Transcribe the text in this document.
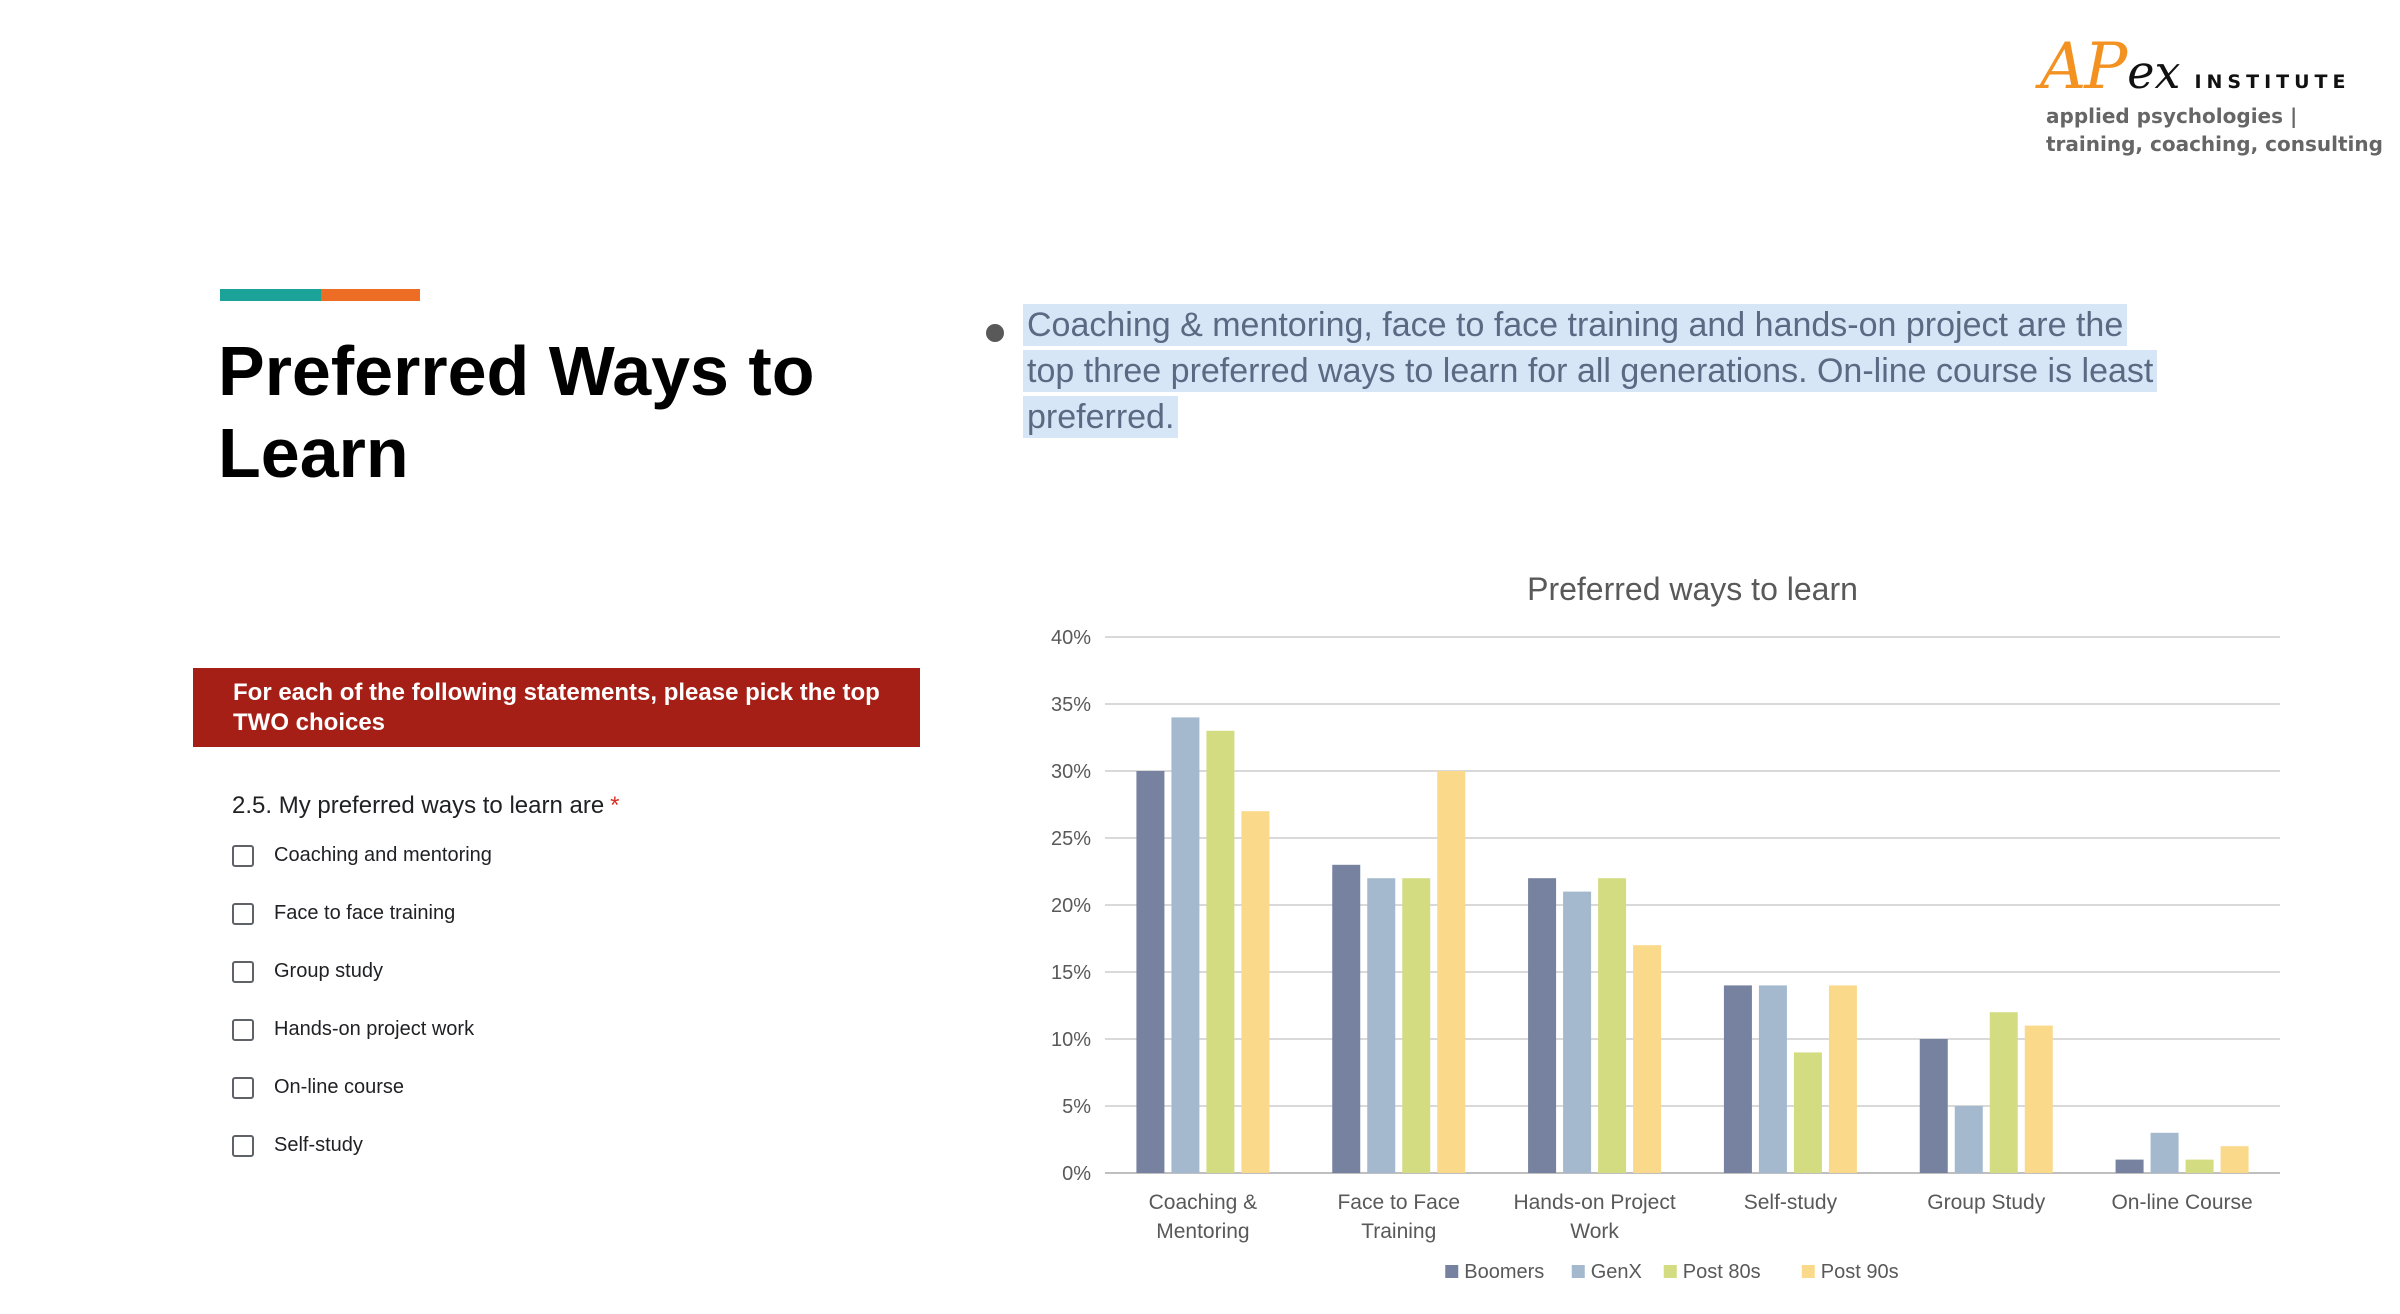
APex INSTITUTE
applied psychologies |
training, coaching, consulting
Preferred Ways to Learn
Coaching & mentoring, face to face training and hands-on project are the top three preferred ways to learn for all generations. On-line course is least preferred.
For each of the following statements, please pick the top TWO choices
2.5. My preferred ways to learn are *
Coaching and mentoring
Face to face training
Group study
Hands-on project work
On-line course
Self-study
Preferred ways to learn
0%
5%
10%
15%
20%
25%
30%
35%
40%
Coaching &
Mentoring
Face to Face
Training
Hands-on Project
Work
Self-study	Group Study	On-line Course
Boomers GenX Post 80s	Post 90s
